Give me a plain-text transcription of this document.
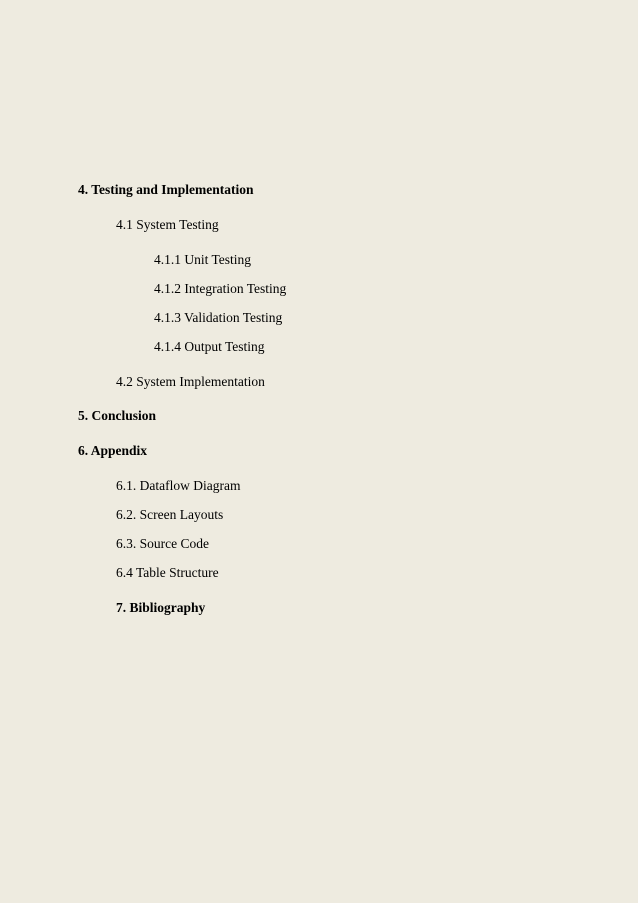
4. Testing and Implementation
4.1 System Testing
4.1.1 Unit Testing
4.1.2 Integration Testing
4.1.3 Validation Testing
4.1.4 Output Testing
4.2 System Implementation
5. Conclusion
6. Appendix
6.1. Dataflow Diagram
6.2. Screen Layouts
6.3. Source Code
6.4 Table Structure
7. Bibliography
